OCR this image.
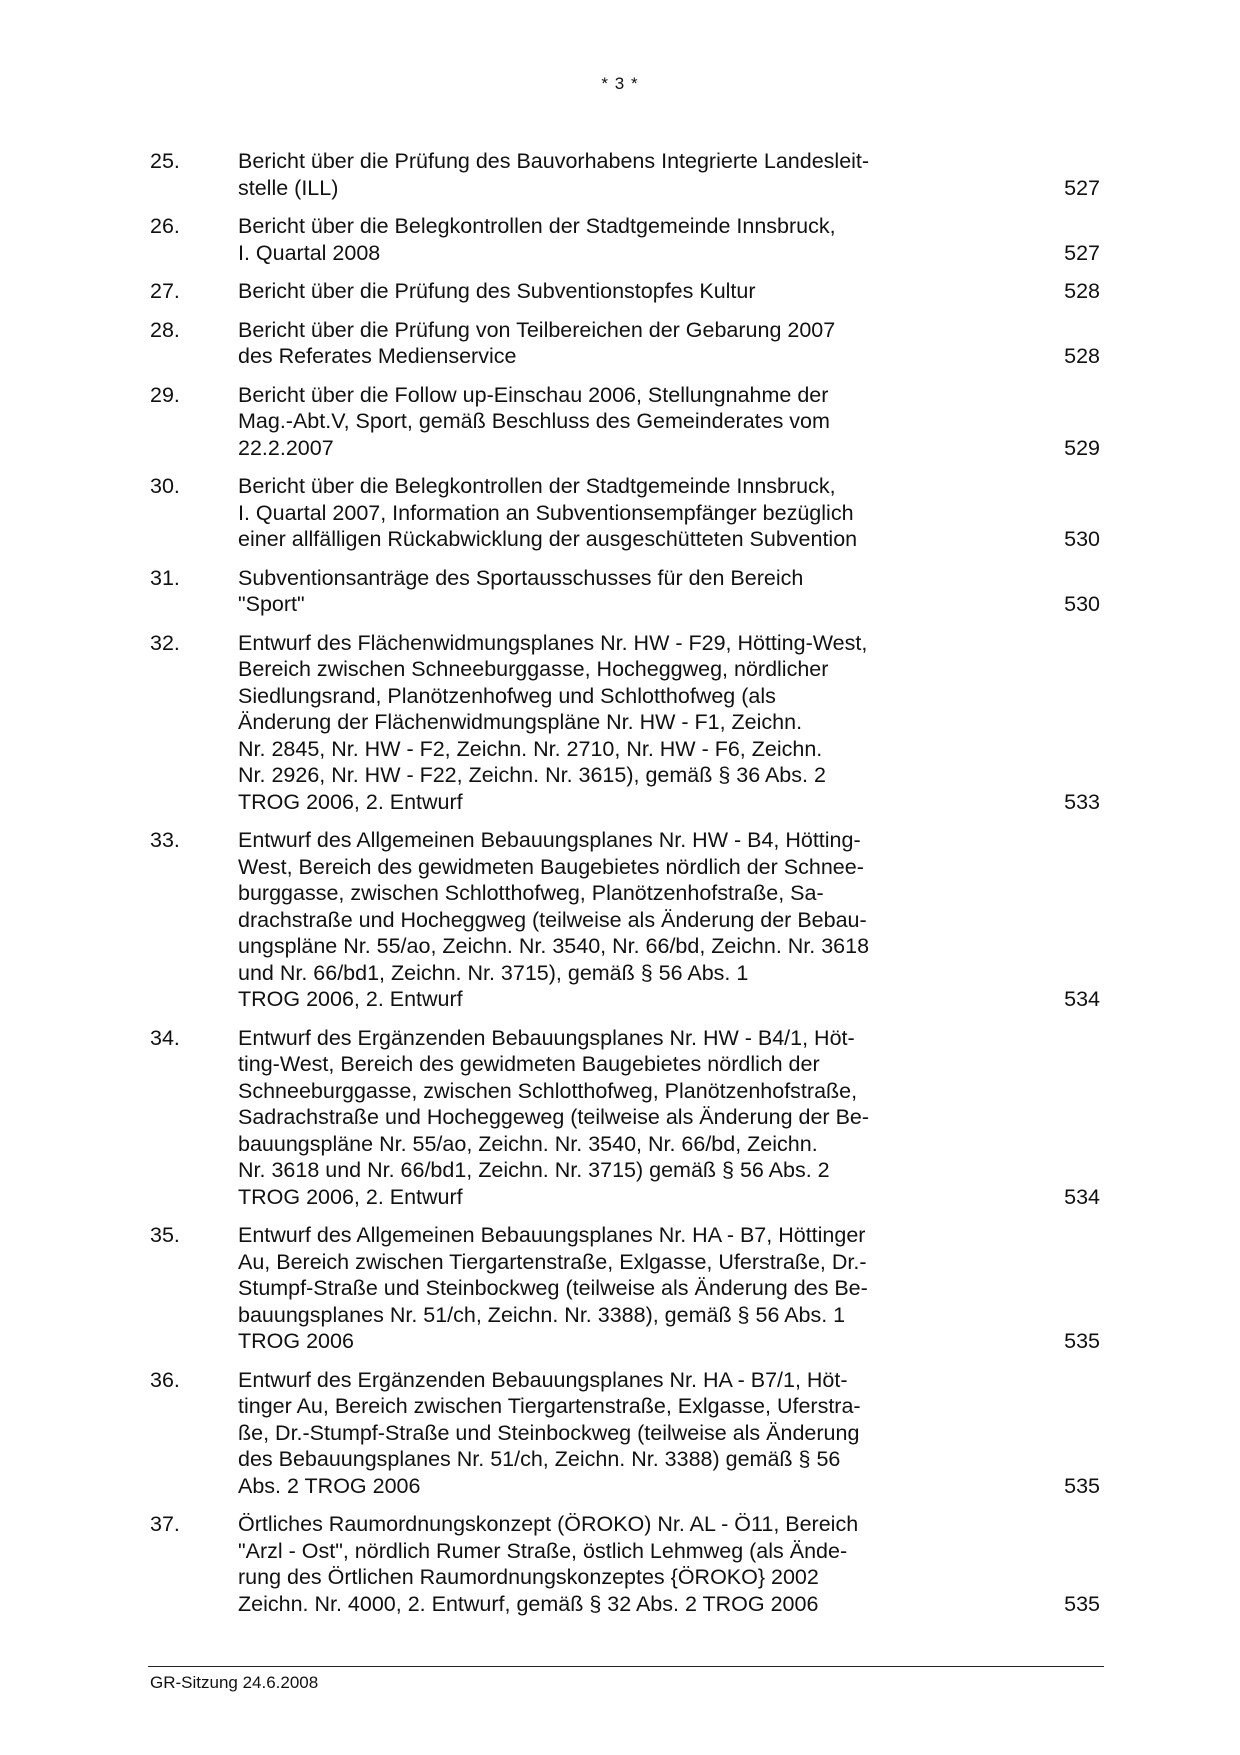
* 3 *
25.	Bericht über die Prüfung des Bauvorhabens Integrierte Landesleit-
stelle (ILL)	527
26.	Bericht über die Belegkontrollen der Stadtgemeinde Innsbruck,
I. Quartal 2008	527
27.	Bericht über die Prüfung des Subventionstopfes Kultur	528
28.	Bericht über die Prüfung von Teilbereichen der Gebarung 2007
des Referates Medienservice	528
29.	Bericht über die Follow up-Einschau 2006, Stellungnahme der
Mag.-Abt.V, Sport, gemäß Beschluss des Gemeinderates vom
22.2.2007	529
30.	Bericht über die Belegkontrollen der Stadtgemeinde Innsbruck,
I. Quartal 2007, Information an Subventionsempfänger bezüglich
einer allfälligen Rückabwicklung der ausgeschütteten Subvention	530
31.	Subventionsanträge des Sportausschusses für den Bereich
"Sport"	530
32.	Entwurf des Flächenwidmungsplanes Nr. HW - F29, Hötting-West,
Bereich zwischen Schneeburggasse, Hocheggweg, nördlicher
Siedlungsrand, Planötzenhofweg und Schlotthofweg (als
Änderung der Flächenwidmungspläne Nr. HW - F1, Zeichn.
Nr. 2845, Nr. HW - F2, Zeichn. Nr. 2710, Nr. HW - F6, Zeichn.
Nr. 2926, Nr. HW - F22, Zeichn. Nr. 3615), gemäß § 36 Abs. 2
TROG 2006, 2. Entwurf	533
33.	Entwurf des Allgemeinen Bebauungsplanes Nr. HW - B4, Hötting-
West, Bereich des gewidmeten Baugebietes nördlich der Schnee-
burggasse, zwischen Schlotthofweg, Planötzenhofstraße, Sa-
drachstraße und Hocheggweg (teilweise als Änderung der Bebau-
ungspläne Nr. 55/ao, Zeichn. Nr. 3540, Nr. 66/bd, Zeichn. Nr. 3618
und Nr. 66/bd1, Zeichn. Nr. 3715), gemäß § 56 Abs. 1
TROG 2006, 2. Entwurf	534
34.	Entwurf des Ergänzenden Bebauungsplanes Nr. HW - B4/1, Höt-
ting-West, Bereich des gewidmeten Baugebietes nördlich der
Schneeburggasse, zwischen Schlotthofweg, Planötzenhofstraße,
Sadrachstraße und Hocheggeweg (teilweise als Änderung der Be-
bauungspläne Nr. 55/ao, Zeichn. Nr. 3540, Nr. 66/bd, Zeichn.
Nr. 3618 und Nr. 66/bd1, Zeichn. Nr. 3715) gemäß § 56 Abs. 2
TROG 2006, 2. Entwurf	534
35.	Entwurf des Allgemeinen Bebauungsplanes Nr. HA - B7, Höttinger
Au, Bereich zwischen Tiergartenstraße, Exlgasse, Uferstraße, Dr.-
Stumpf-Straße und Steinbockweg (teilweise als Änderung des Be-
bauungsplanes Nr. 51/ch, Zeichn. Nr. 3388), gemäß § 56 Abs. 1
TROG 2006	535
36.	Entwurf des Ergänzenden Bebauungsplanes Nr. HA - B7/1, Höt-
tinger Au, Bereich zwischen Tiergartenstraße, Exlgasse, Uferstra-
ße, Dr.-Stumpf-Straße und Steinbockweg (teilweise als Änderung
des Bebauungsplanes Nr. 51/ch, Zeichn. Nr. 3388) gemäß § 56
Abs. 2 TROG 2006	535
37.	Örtliches Raumordnungskonzept (ÖROKO) Nr. AL - Ö11, Bereich
"Arzl - Ost", nördlich Rumer Straße, östlich Lehmweg (als Ände-
rung des Örtlichen Raumordnungskonzeptes {ÖROKO} 2002
Zeichn. Nr. 4000, 2. Entwurf, gemäß § 32 Abs. 2 TROG 2006	535
GR-Sitzung 24.6.2008
